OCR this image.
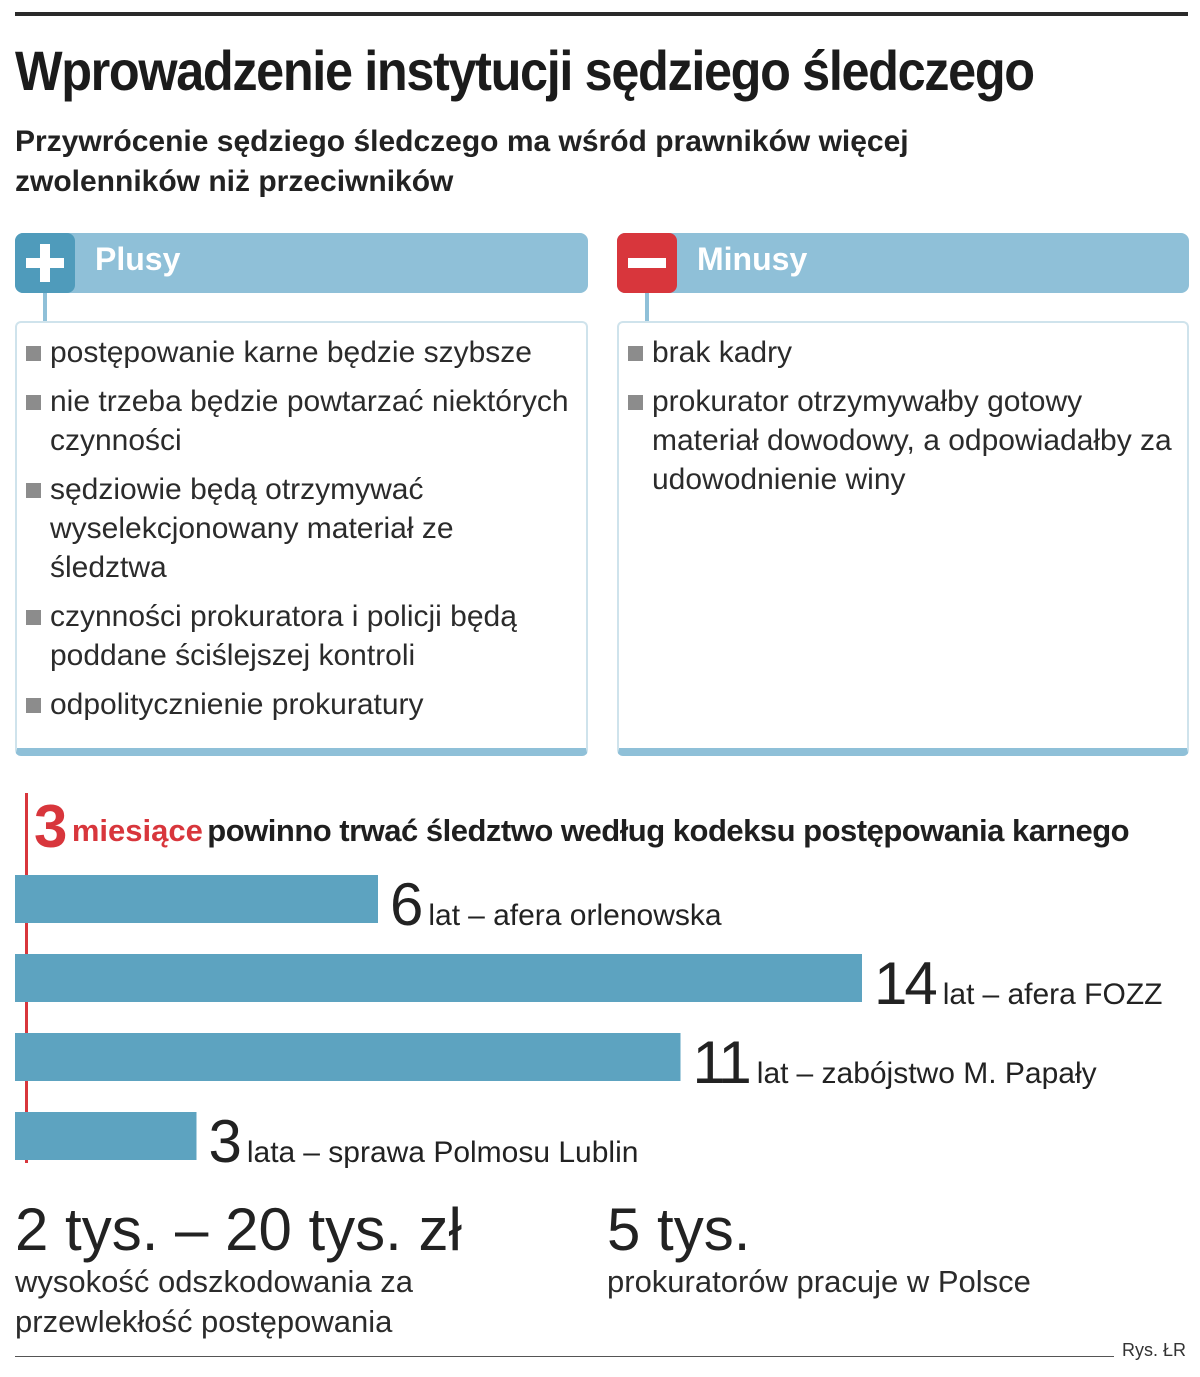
Wprowadzenie instytucji sędziego śledczego
Przywrócenie sędziego śledczego ma wśród prawników więcej zwolenników niż przeciwników
Plusy
postępowanie karne będzie szybsze
nie trzeba będzie powtarzać niektórych czynności
sędziowie będą otrzymywać wyselekcjonowany materiał ze śledztwa
czynności prokuratora i policji będą poddane ściślejszej kontroli
odpolitycznienie prokuratury
Minusy
brak kadry
prokurator otrzymywałby gotowy materiał dowodowy, a odpowiadałby za udowodnienie winy
3 miesiące powinno trwać śledztwo według kodeksu postępowania karnego
6 lat – afera orlenowska
14 lat – afera FOZZ
11 lat – zabójstwo M. Papały
3 lata – sprawa Polmosu Lublin
2 tys. – 20 tys. zł
wysokość odszkodowania za przewlekłość postępowania
5 tys.
prokuratorów pracuje w Polsce
Rys. ŁR
